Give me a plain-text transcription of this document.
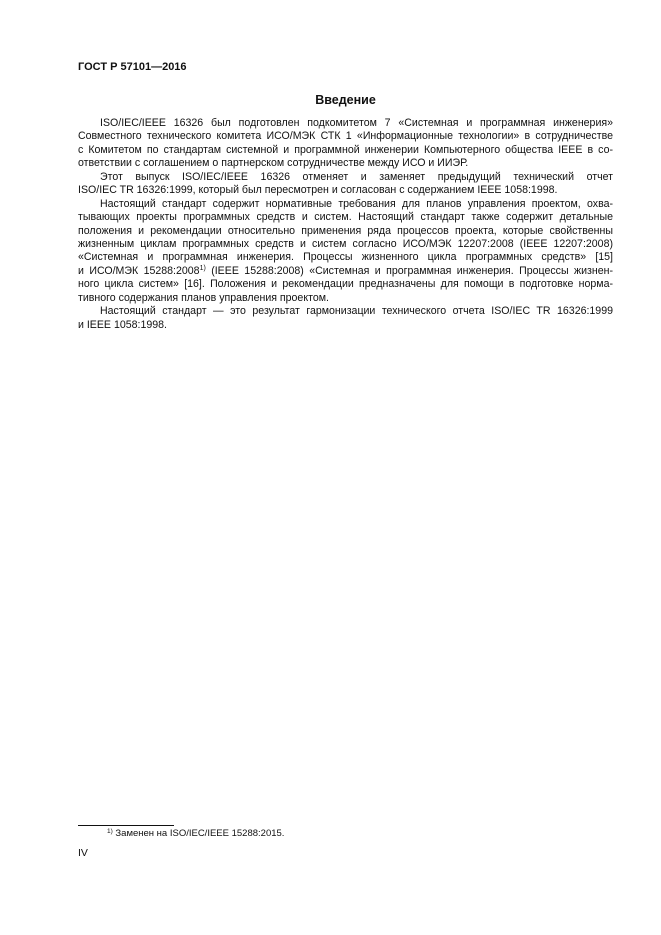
ГОСТ Р 57101—2016
Введение
ISO/IEC/IEEE 16326 был подготовлен подкомитетом 7 «Системная и программная инженерия»
Совместного технического комитета ИСО/МЭК СТК 1 «Информационные технологии» в сотрудничестве
с Комитетом по стандартам системной и программной инженерии Компьютерного общества IEEE в со-
ответствии с соглашением о партнерском сотрудничестве между ИСО и ИИЭР.
Этот выпуск ISO/IEC/IEEE 16326 отменяет и заменяет предыдущий технический отчет
ISO/IEC TR 16326:1999, который был пересмотрен и согласован с содержанием IEEE 1058:1998.
Настоящий стандарт содержит нормативные требования для планов управления проектом, охва-
тывающих проекты программных средств и систем. Настоящий стандарт также содержит детальные
положения и рекомендации относительно применения ряда процессов проекта, которые свойственны
жизненным циклам программных средств и систем согласно ИСО/МЭК 12207:2008 (IEEE 12207:2008)
«Системная и программная инженерия. Процессы жизненного цикла программных средств» [15]
и ИСО/МЭК 15288:2008$^{1)}$ (IEEE 15288:2008) «Системная и программная инженерия. Процессы жизнен-
ного цикла систем» [16]. Положения и рекомендации предназначены для помощи в подготовке норма-
тивного содержания планов управления проектом.
Настоящий стандарт — это результат гармонизации технического отчета ISO/IEC TR 16326:1999
и IEEE 1058:1998.
$^{1)}$ Заменен на ISO/IEC/IEEE 15288:2015.
IV
